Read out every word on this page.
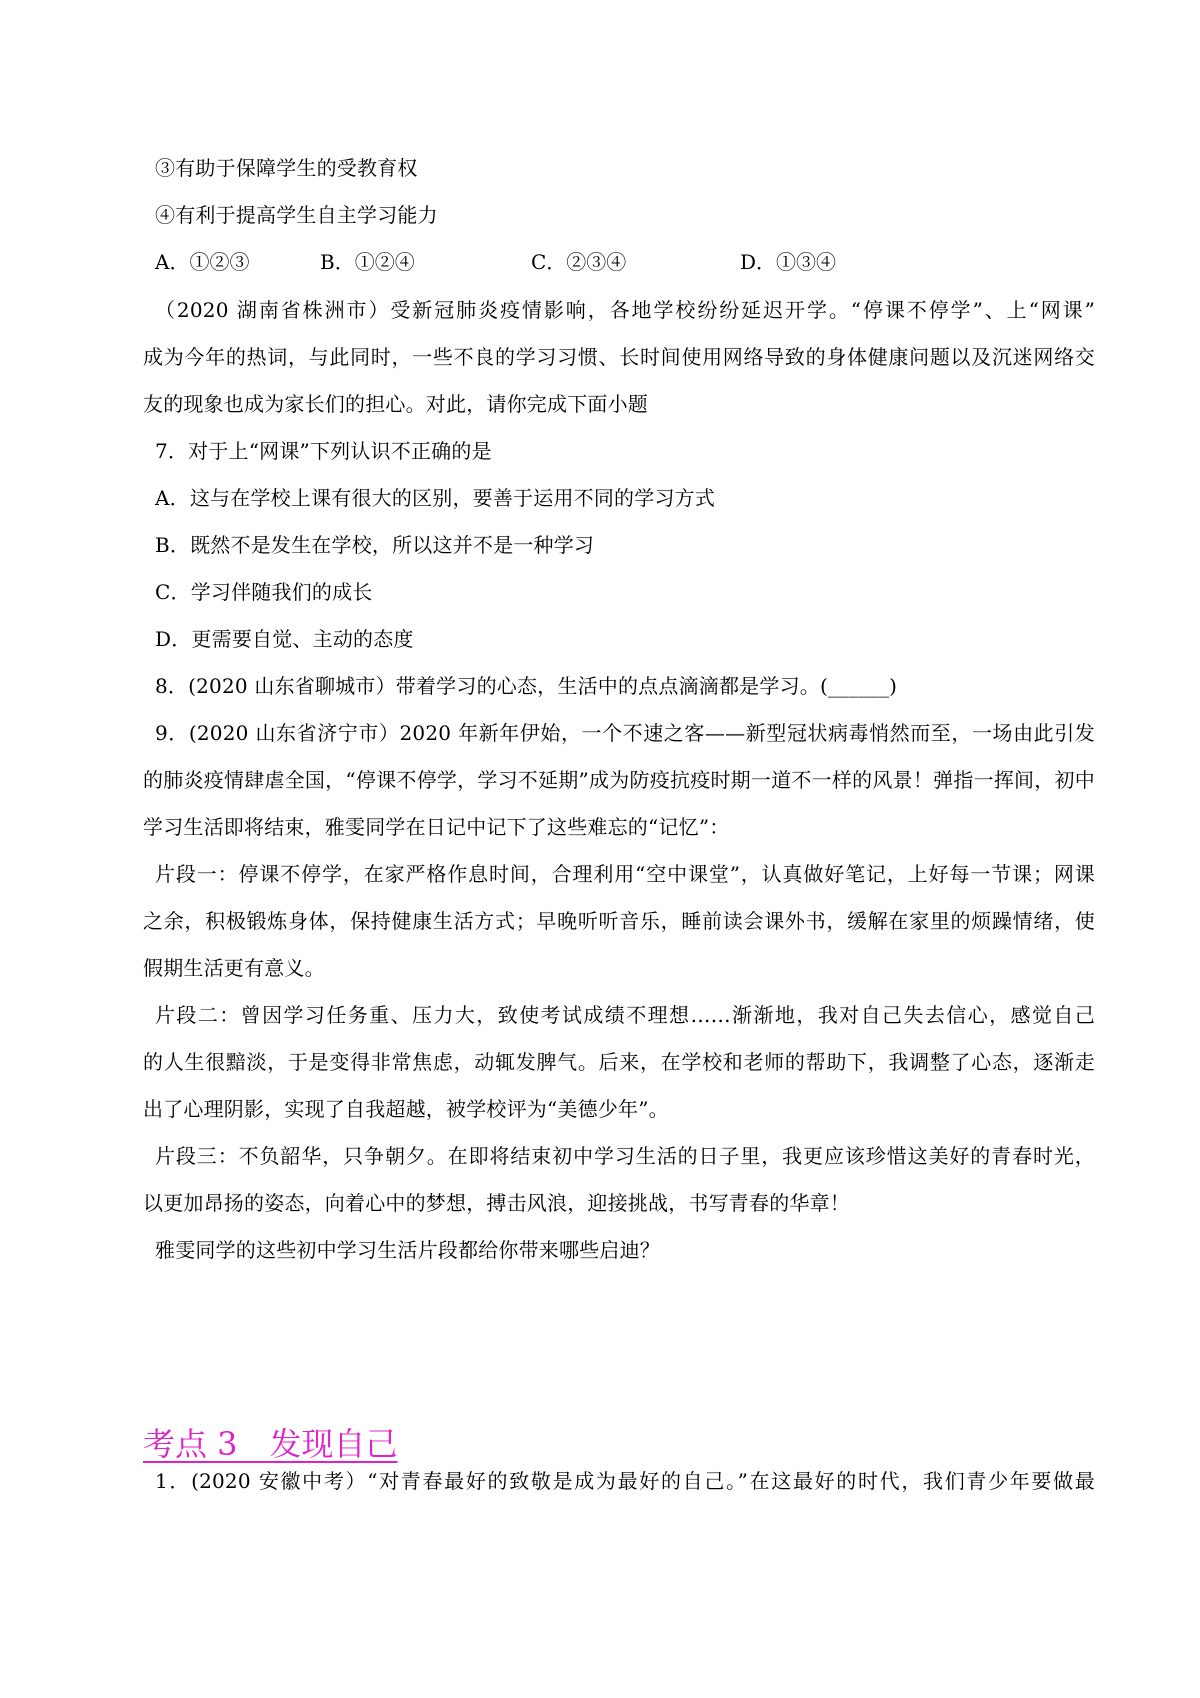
③有助于保障学生的受教育权
④有利于提高学生自主学习能力
A．①②③	B．①②④	C．②③④	D．①③④
（2020 湖南省株洲市）受新冠肺炎疫情影响，各地学校纷纷延迟开学。“停课不停学”、上“网课”
成为今年的热词，与此同时，一些不良的学习习惯、长时间使用网络导致的身体健康问题以及沉迷网络交
友的现象也成为家长们的担心。对此，请你完成下面小题
7．对于上“网课”下列认识不正确的是
A．这与在学校上课有很大的区别，要善于运用不同的学习方式
B．既然不是发生在学校，所以这并不是一种学习
C．学习伴随我们的成长
D．更需要自觉、主动的态度
8．(2020 山东省聊城市）带着学习的心态，生活中的点点滴滴都是学习。(______)
9．(2020 山东省济宁市）2020 年新年伊始，一个不速之客——新型冠状病毒悄然而至，一场由此引发
的肺炎疫情肆虐全国，“停课不停学，学习不延期”成为防疫抗疫时期一道不一样的风景！弹指一挥间，初中
学习生活即将结束，雅雯同学在日记中记下了这些难忘的“记忆”：
片段一：停课不停学，在家严格作息时间，合理利用“空中课堂”，认真做好笔记，上好每一节课；网课
之余，积极锻炼身体，保持健康生活方式；早晚听听音乐，睡前读会课外书，缓解在家里的烦躁情绪，使
假期生活更有意义。
片段二：曾因学习任务重、压力大，致使考试成绩不理想……渐渐地，我对自己失去信心，感觉自己
的人生很黯淡，于是变得非常焦虑，动辄发脾气。后来，在学校和老师的帮助下，我调整了心态，逐渐走
出了心理阴影，实现了自我超越，被学校评为“美德少年”。
片段三：不负韶华，只争朝夕。在即将结束初中学习生活的日子里，我更应该珍惜这美好的青春时光，
以更加昂扬的姿态，向着心中的梦想，搏击风浪，迎接挑战，书写青春的华章！
雅雯同学的这些初中学习生活片段都给你带来哪些启迪？
考点 3　发现自己
1．(2020 安徽中考）“对青春最好的致敬是成为最好的自己。”在这最好的时代，我们青少年要做最
